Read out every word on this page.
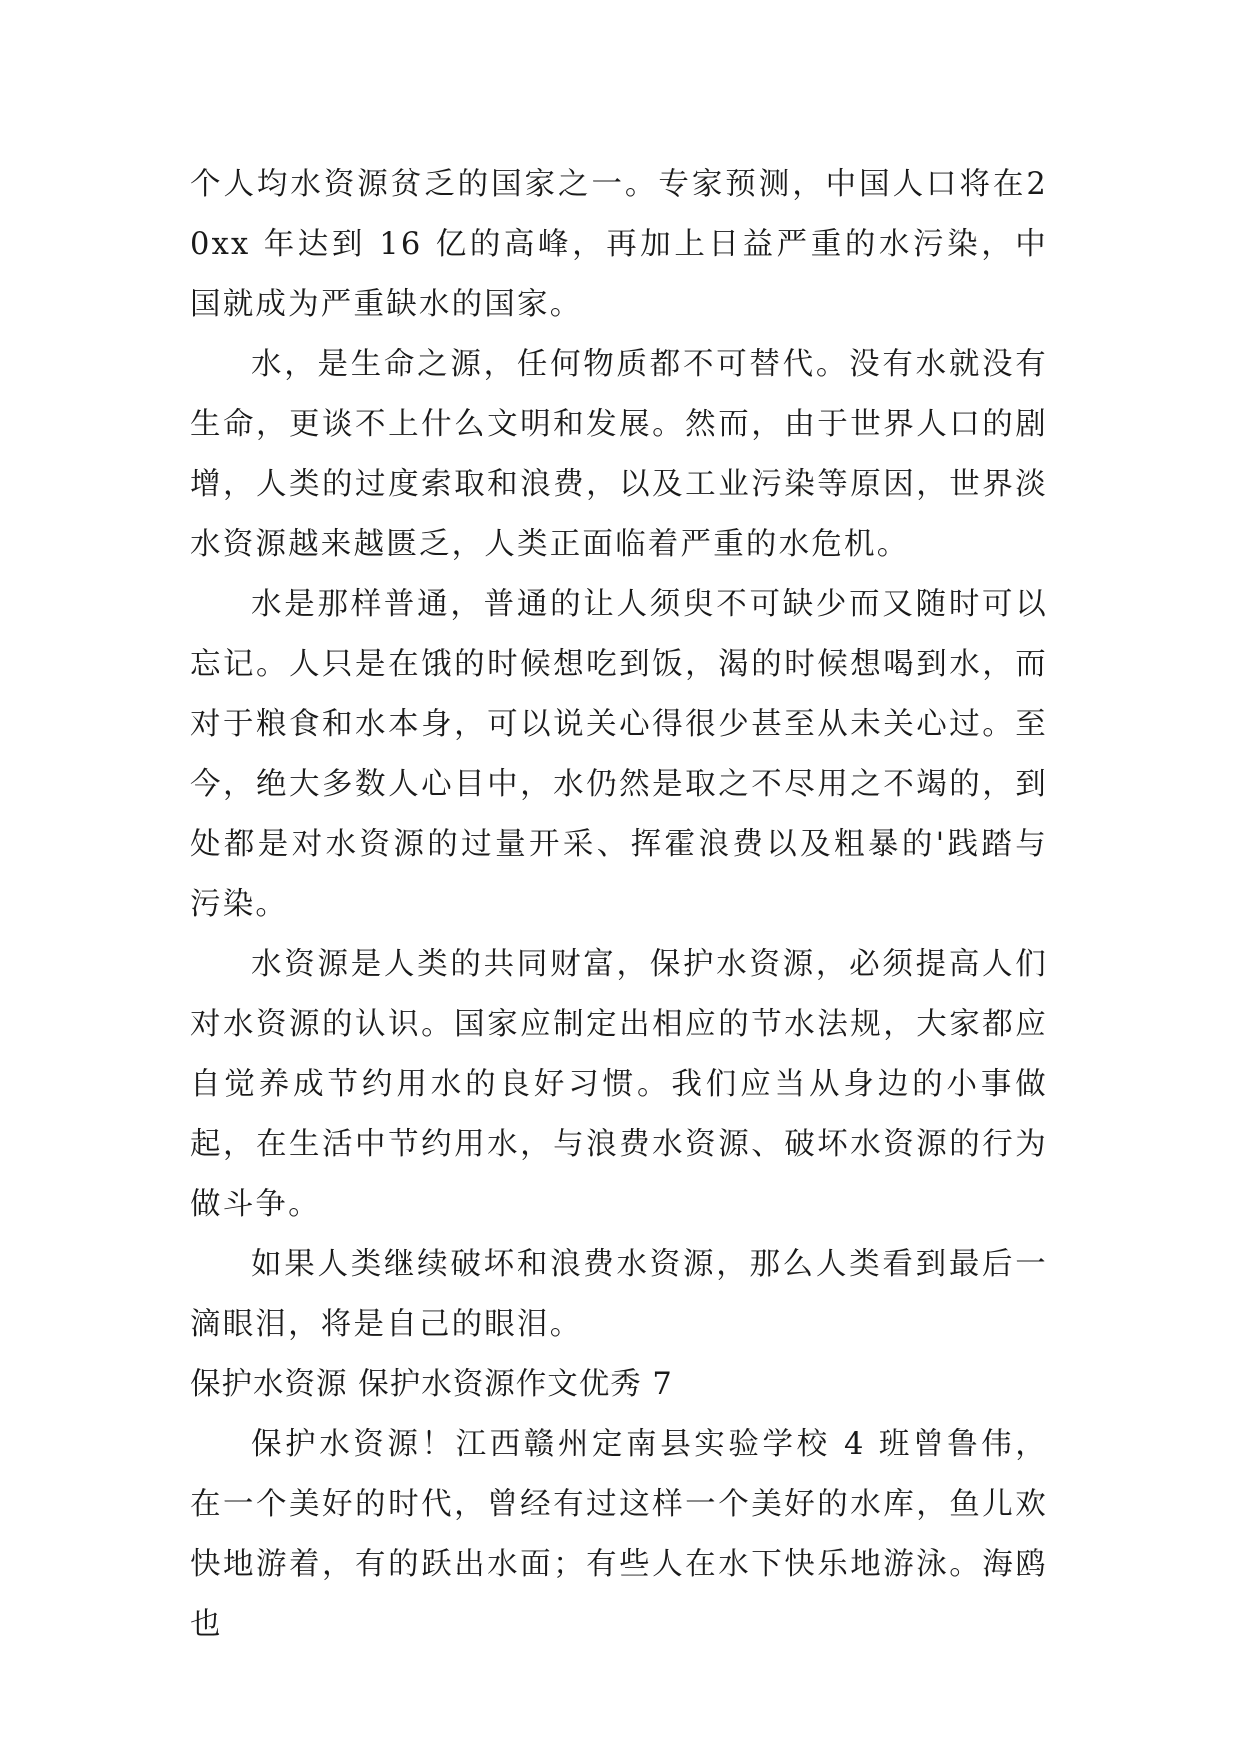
个人均水资源贫乏的国家之一。专家预测，中国人口将在20xx 年达到 16 亿的高峰，再加上日益严重的水污染，中国就成为严重缺水的国家。

水，是生命之源，任何物质都不可替代。没有水就没有生命，更谈不上什么文明和发展。然而，由于世界人口的剧增，人类的过度索取和浪费，以及工业污染等原因，世界淡水资源越来越匮乏，人类正面临着严重的水危机。

水是那样普通，普通的让人须臾不可缺少而又随时可以忘记。人只是在饿的时候想吃到饭，渴的时候想喝到水，而对于粮食和水本身，可以说关心得很少甚至从未关心过。至今，绝大多数人心目中，水仍然是取之不尽用之不竭的，到处都是对水资源的过量开采、挥霍浪费以及粗暴的'践踏与污染。

水资源是人类的共同财富，保护水资源，必须提高人们对水资源的认识。国家应制定出相应的节水法规，大家都应自觉养成节约用水的良好习惯。我们应当从身边的小事做起，在生活中节约用水，与浪费水资源、破坏水资源的行为做斗争。

如果人类继续破坏和浪费水资源，那么人类看到最后一滴眼泪，将是自己的眼泪。

保护水资源 保护水资源作文优秀 7

保护水资源！江西赣州定南县实验学校 4 班曾鲁伟，在一个美好的时代，曾经有过这样一个美好的水库，鱼儿欢快地游着，有的跃出水面；有些人在水下快乐地游泳。海鸥也
